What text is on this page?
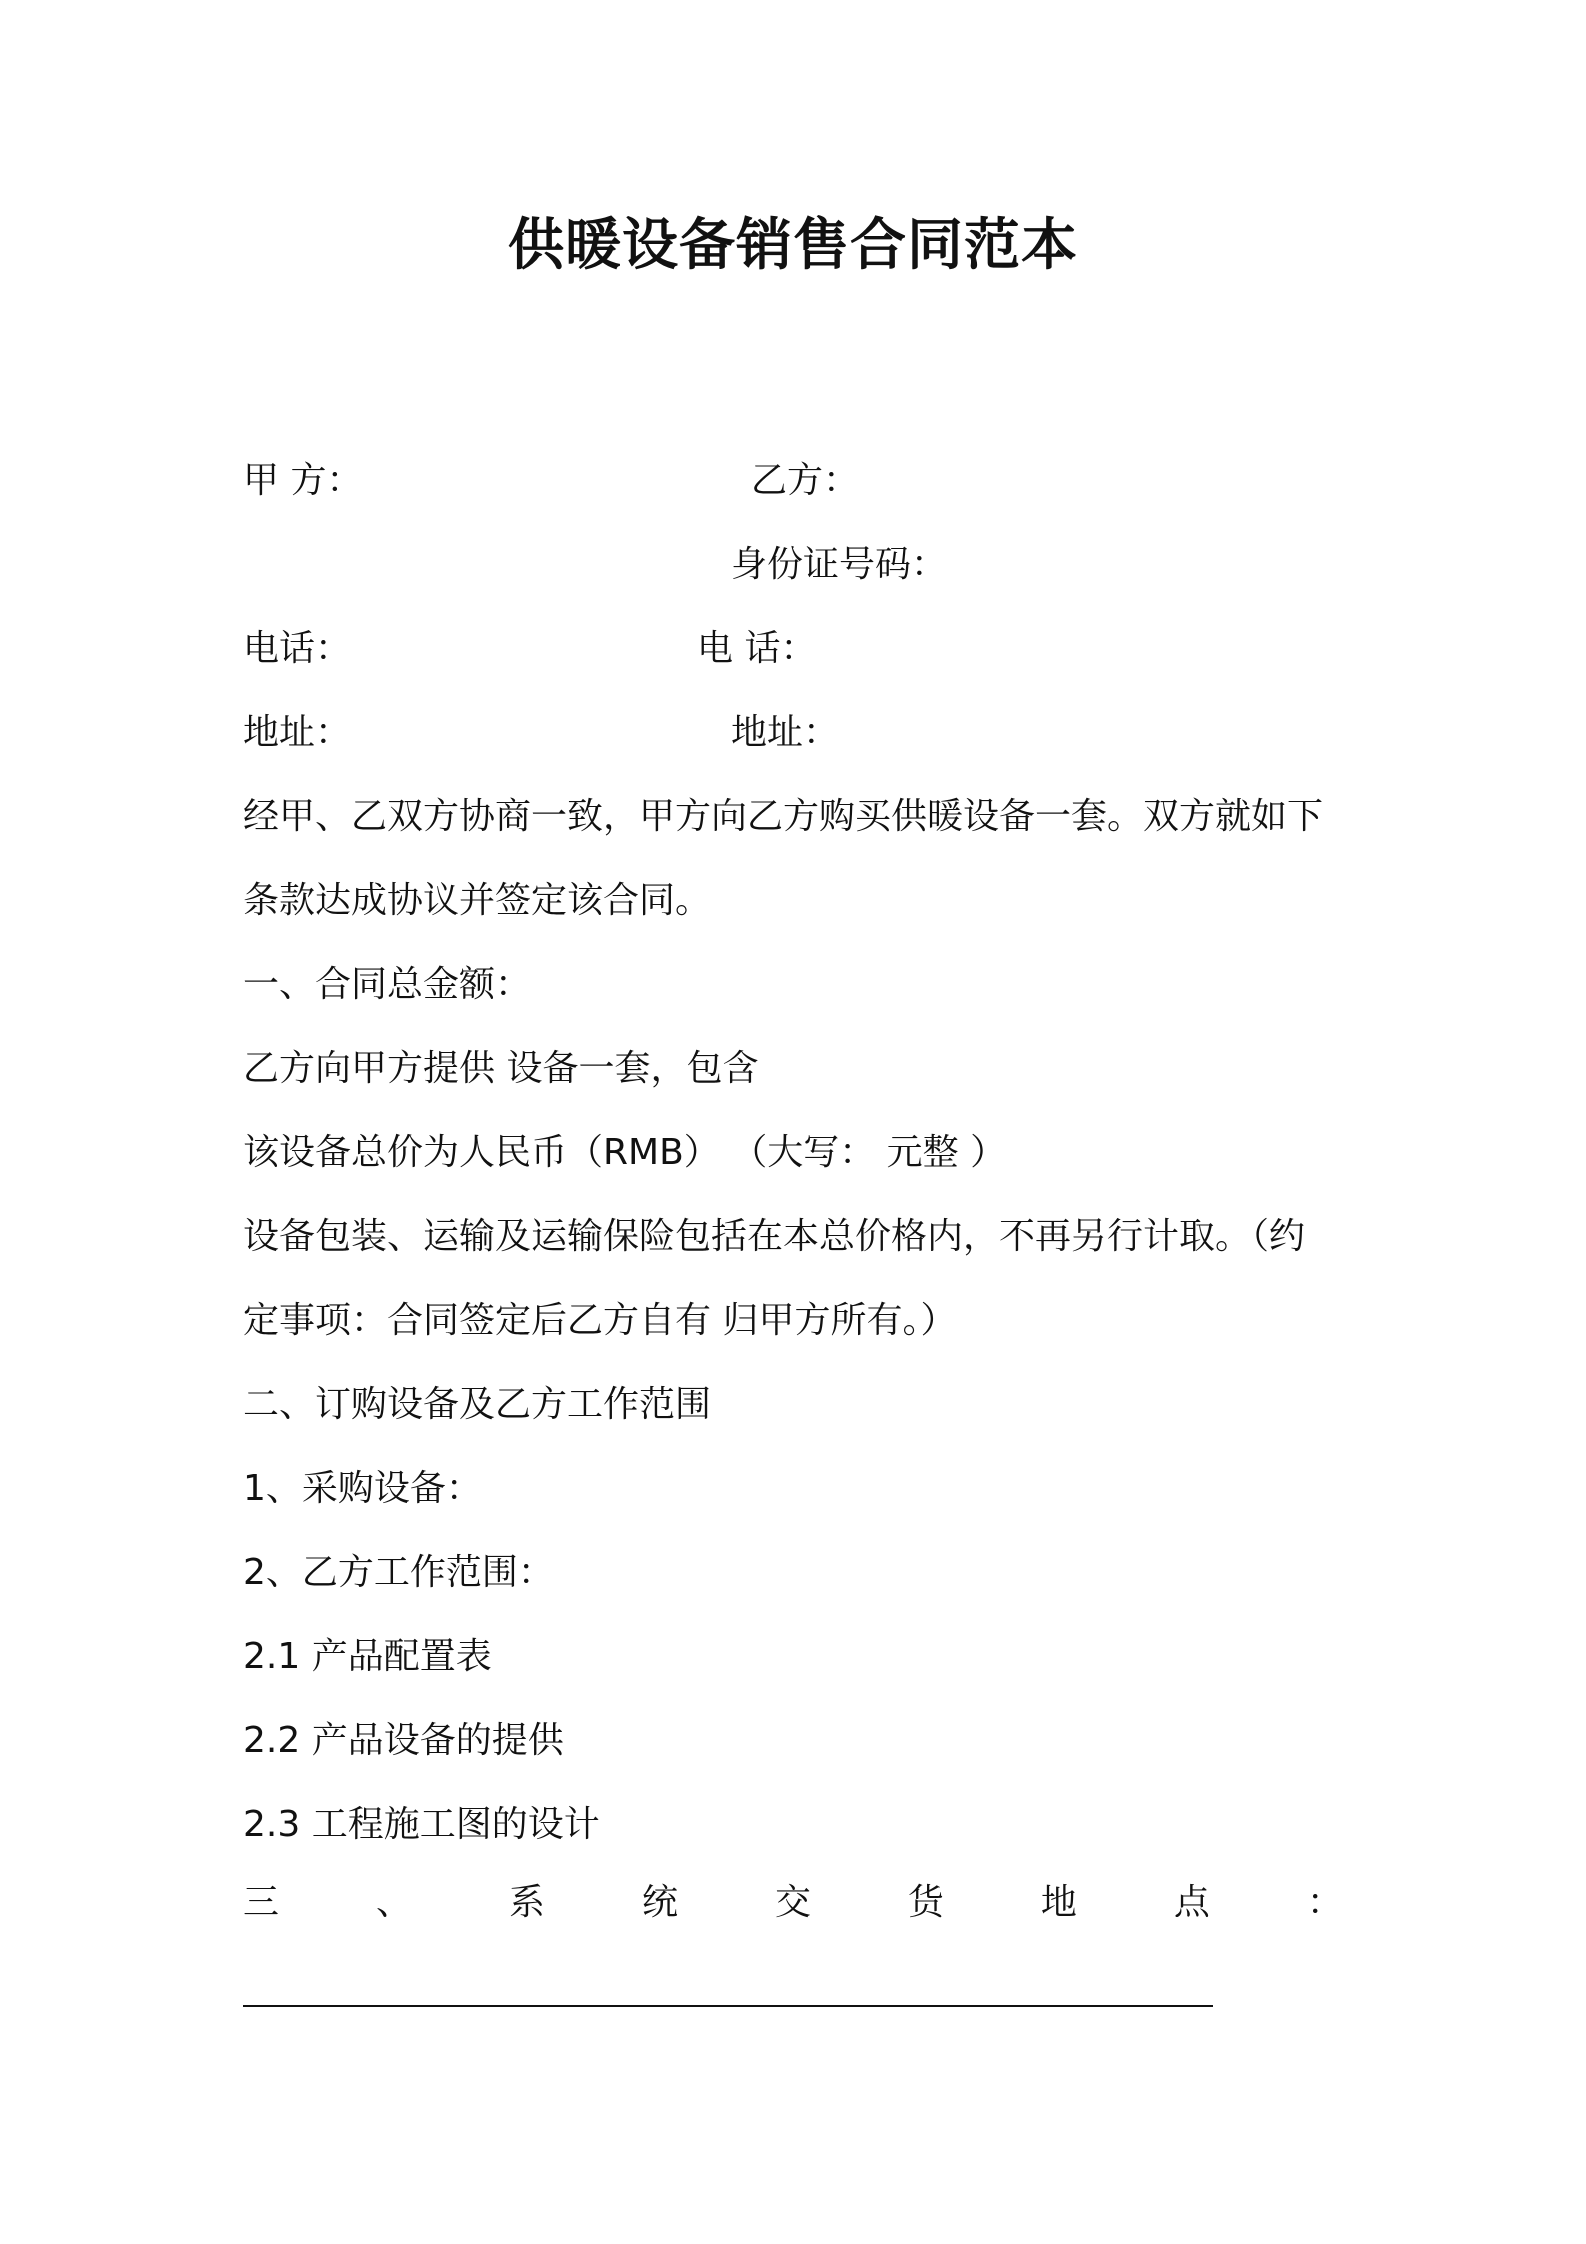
供暖设备销售合同范本
甲 方：	乙方：
身份证号码：
电话：	电 话：
地址：	地址：
经甲、乙双方协商一致，甲方向乙方购买供暖设备一套。双方就如下
条款达成协议并签定该合同。
一、合同总金额：
乙方向甲方提供 设备一套，包含
该设备总价为人民币（RMB） （大写： 元整 ）
设备包装、运输及运输保险包括在本总价格内，不再另行计取。（约
定事项：合同签定后乙方自有 归甲方所有。）
二、订购设备及乙方工作范围
1、采购设备：
2、乙方工作范围：
2.1 产品配置表
2.2 产品设备的提供
2.3 工程施工图的设计
三	、	系	统	交	货	地	点	：
